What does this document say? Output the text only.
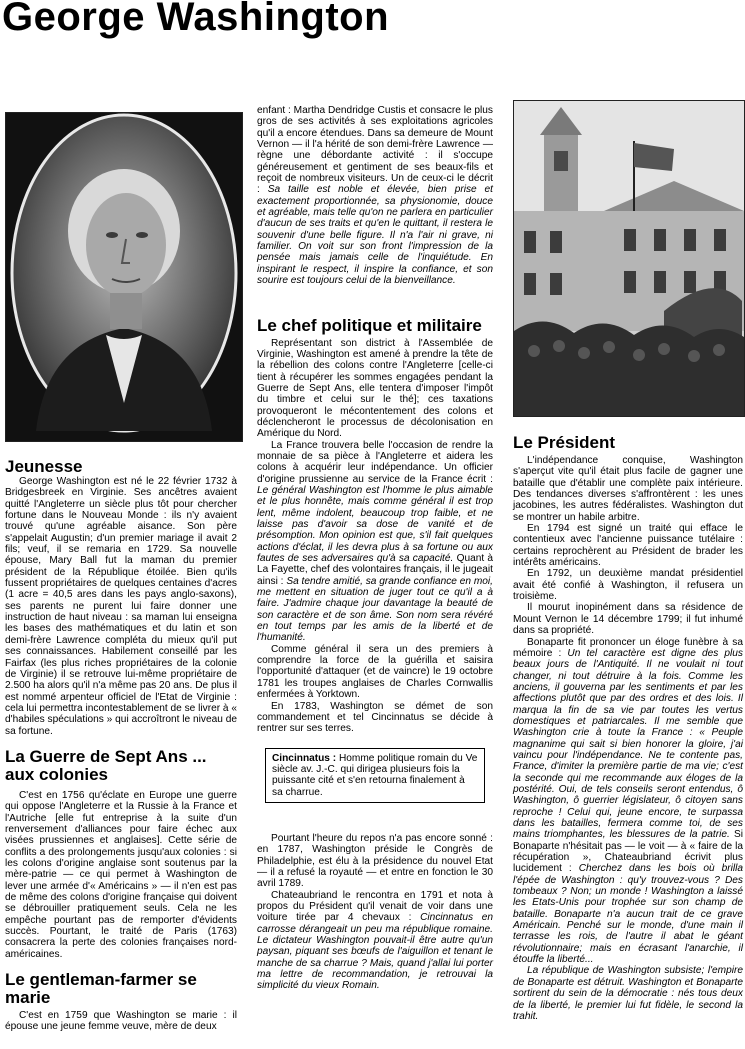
George Washington
Jeunesse

George Washington est né le 22 février 1732 à Bridgesbreek en Virginie. Ses ancêtres avaient quitté l'Angleterre un siècle plus tôt pour chercher fortune dans le Nouveau Monde : ils n'y avaient trouvé qu'une agréable aisance. Son père s'appelait Augustin; d'un premier mariage il avait 2 fils; veuf, il se remaria en 1729. Sa nouvelle épouse, Mary Ball fut la maman du premier président de la République étoilée. Bien qu'ils fussent propriétaires de quelques centaines d'acres (1 acre = 40,5 ares dans les pays anglo-saxons), ses parents ne purent lui faire donner une instruction de haut niveau : sa maman lui enseigna les bases des mathématiques et du latin et son demi-frère Lawrence compléta du mieux qu'il put ses connaissances. Habilement conseillé par les Fairfax (les plus riches propriétaires de la colonie de Virginie) il se retrouve lui-même propriétaire de 2.500 ha alors qu'il n'a même pas 20 ans. De plus il est nommé arpenteur officiel de l'Etat de Virginie : cela lui permettra incontestablement de se livrer à « d'habiles spéculations » qui accroîtront le niveau de sa fortune.

La Guerre de Sept Ans ...
aux colonies

C'est en 1756 qu'éclate en Europe une guerre qui oppose l'Angleterre et la Russie à la France et l'Autriche [elle fut entreprise à la suite d'un renversement d'alliances pour faire échec aux visées prussiennes et anglaises]. Cette série de conflits a des prolongements jusqu'aux colonies : si les colons d'origine anglaise sont soutenus par la mère-patrie — ce qui permet à Washington de lever une armée d'« Américains » — il n'en est pas de même des colons d'origine française qui doivent se débrouiller pratiquement seuls. Cela ne les empêche pourtant pas de remporter d'évidents succès. Pourtant, le traité de Paris (1763) consacrera la perte des colonies françaises nord-américaines.

Le gentleman-farmer se marie

C'est en 1759 que Washington se marie : il épouse une jeune femme veuve, mère de deux

enfant : Martha Dendridge Custis et consacre le plus gros de ses activités à ses exploitations agricoles qu'il a encore étendues. Dans sa demeure de Mount Vernon — il l'a hérité de son demi-frère Lawrence — règne une débordante activité : il s'occupe généreusement et gentiment de ses beaux-fils et reçoit de nombreux visiteurs. Un de ceux-ci le décrit : Sa taille est noble et élevée, bien prise et exactement proportionnée, sa physionomie, douce et agréable, mais telle qu'on ne parlera en particulier d'aucun de ses traits et qu'en le quittant, il restera le souvenir d'une belle figure. Il n'a l'air ni grave, ni familier. On voit sur son front l'impression de la pensée mais jamais celle de l'inquiétude. En inspirant le respect, il inspire la confiance, et son sourire est toujours celui de la bienveillance.

Le chef politique et militaire

Représentant son district à l'Assemblée de Virginie, Washington est amené à prendre la tête de la rébellion des colons contre l'Angleterre [celle-ci tient à récupérer les sommes engagées pendant la Guerre de Sept Ans, elle tentera d'imposer l'impôt du timbre et celui sur le thé]; ces taxations provoqueront le mécontentement des colons et déclencheront le processus de décolonisation en Amérique du Nord.

La France trouvera belle l'occasion de rendre la monnaie de sa pièce à l'Angleterre et aidera les colons à acquérir leur indépendance. Un officier d'origine prussienne au service de la France écrit : Le général Washington est l'homme le plus aimable et le plus honnête, mais comme général il est trop lent, même indolent, beaucoup trop faible, et ne laisse pas d'avoir sa dose de vanité et de présomption. Mon opinion est que, s'il fait quelques actions d'éclat, il les devra plus à sa fortune ou aux fautes de ses adversaires qu'à sa capacité. Quant à La Fayette, chef des volontaires français, il le jugeait ainsi : Sa tendre amitié, sa grande confiance en moi, me mettent en situation de juger tout ce qu'il a à faire. J'admire chaque jour davantage la beauté de son caractère et de son âme. Son nom sera révéré en tout temps par les amis de la liberté et de l'humanité.

Comme général il sera un des premiers à comprendre la force de la guérilla et saisira l'opportunité d'attaquer (et de vaincre) le 19 octobre 1781 les troupes anglaises de Charles Cornwallis enfermées à Yorktown.

En 1783, Washington se démet de son commandement et tel Cincinnatus se décide à rentrer sur ses terres.

Cincinnatus : Homme politique romain du Ve siècle av. J.-C. qui dirigea plusieurs fois la puissante cité et s'en retourna finalement à sa charrue.

Pourtant l'heure du repos n'a pas encore sonné : en 1787, Washington préside le Congrès de Philadelphie, est élu à la présidence du nouvel Etat — il a refusé la royauté — et entre en fonction le 30 avril 1789.

Chateaubriand le rencontra en 1791 et nota à propos du Président qu'il venait de voir dans une voiture tirée par 4 chevaux : Cincinnatus en carrosse dérangeait un peu ma république romaine. Le dictateur Washington pouvait-il être autre qu'un paysan, piquant ses bœufs de l'aiguillon et tenant le manche de sa charrue ? Mais, quand j'allai lui porter ma lettre de recommandation, je retrouvai la simplicité du vieux Romain.

Le Président

L'indépendance conquise, Washington s'aperçut vite qu'il était plus facile de gagner une bataille que d'établir une complète paix intérieure. Des tendances diverses s'affrontèrent : les unes jacobines, les autres fédéralistes. Washington dut se montrer un habile arbitre.

En 1794 est signé un traité qui efface le contentieux avec l'ancienne puissance tutélaire : certains reprochèrent au Président de brader les intérêts américains.

En 1792, un deuxième mandat présidentiel avait été confié à Washington, il refusera un troisième.

Il mourut inopinément dans sa résidence de Mount Vernon le 14 décembre 1799; il fut inhumé dans sa propriété.

Bonaparte fit prononcer un éloge funèbre à sa mémoire : Un tel caractère est digne des plus beaux jours de l'Antiquité. Il ne voulait ni tout changer, ni tout détruire à la fois. Comme les anciens, il gouverna par les sentiments et par les affections plutôt que par des ordres et des lois. Il marqua la fin de sa vie par toutes les vertus domestiques et patriarcales. Il me semble que Washington crie à toute la France : « Peuple magnanime qui sait si bien honorer la gloire, j'ai vaincu pour l'indépendance. Ne te contente pas, France, d'imiter la première partie de ma vie; c'est la seconde qui me recommande aux éloges de la postérité. Oui, de tels conseils seront entendus, ô Washington, ô guerrier législateur, ô citoyen sans reproche ! Celui qui, jeune encore, te surpassa dans les batailles, fermera comme toi, de ses mains triomphantes, les blessures de la patrie. Si Bonaparte n'hésitait pas — le voit — à « faire de la récupération », Chateaubriand écrivit plus lucidement : Cherchez dans les bois où brilla l'épée de Washington : qu'y trouvez-vous ? Des tombeaux ? Non; un monde ! Washington a laissé les Etats-Unis pour trophée sur son champ de bataille. Bonaparte n'a aucun trait de ce grave Américain. Penché sur le monde, d'une main il terrasse les rois, de l'autre il abat le géant révolutionnaire; mais en écrasant l'anarchie, il étouffe la liberté...

La république de Washington subsiste; l'empire de Bonaparte est détruit. Washington et Bonaparte sortirent du sein de la démocratie : nés tous deux de la liberté, le premier lui fut fidèle, le second la trahit.
